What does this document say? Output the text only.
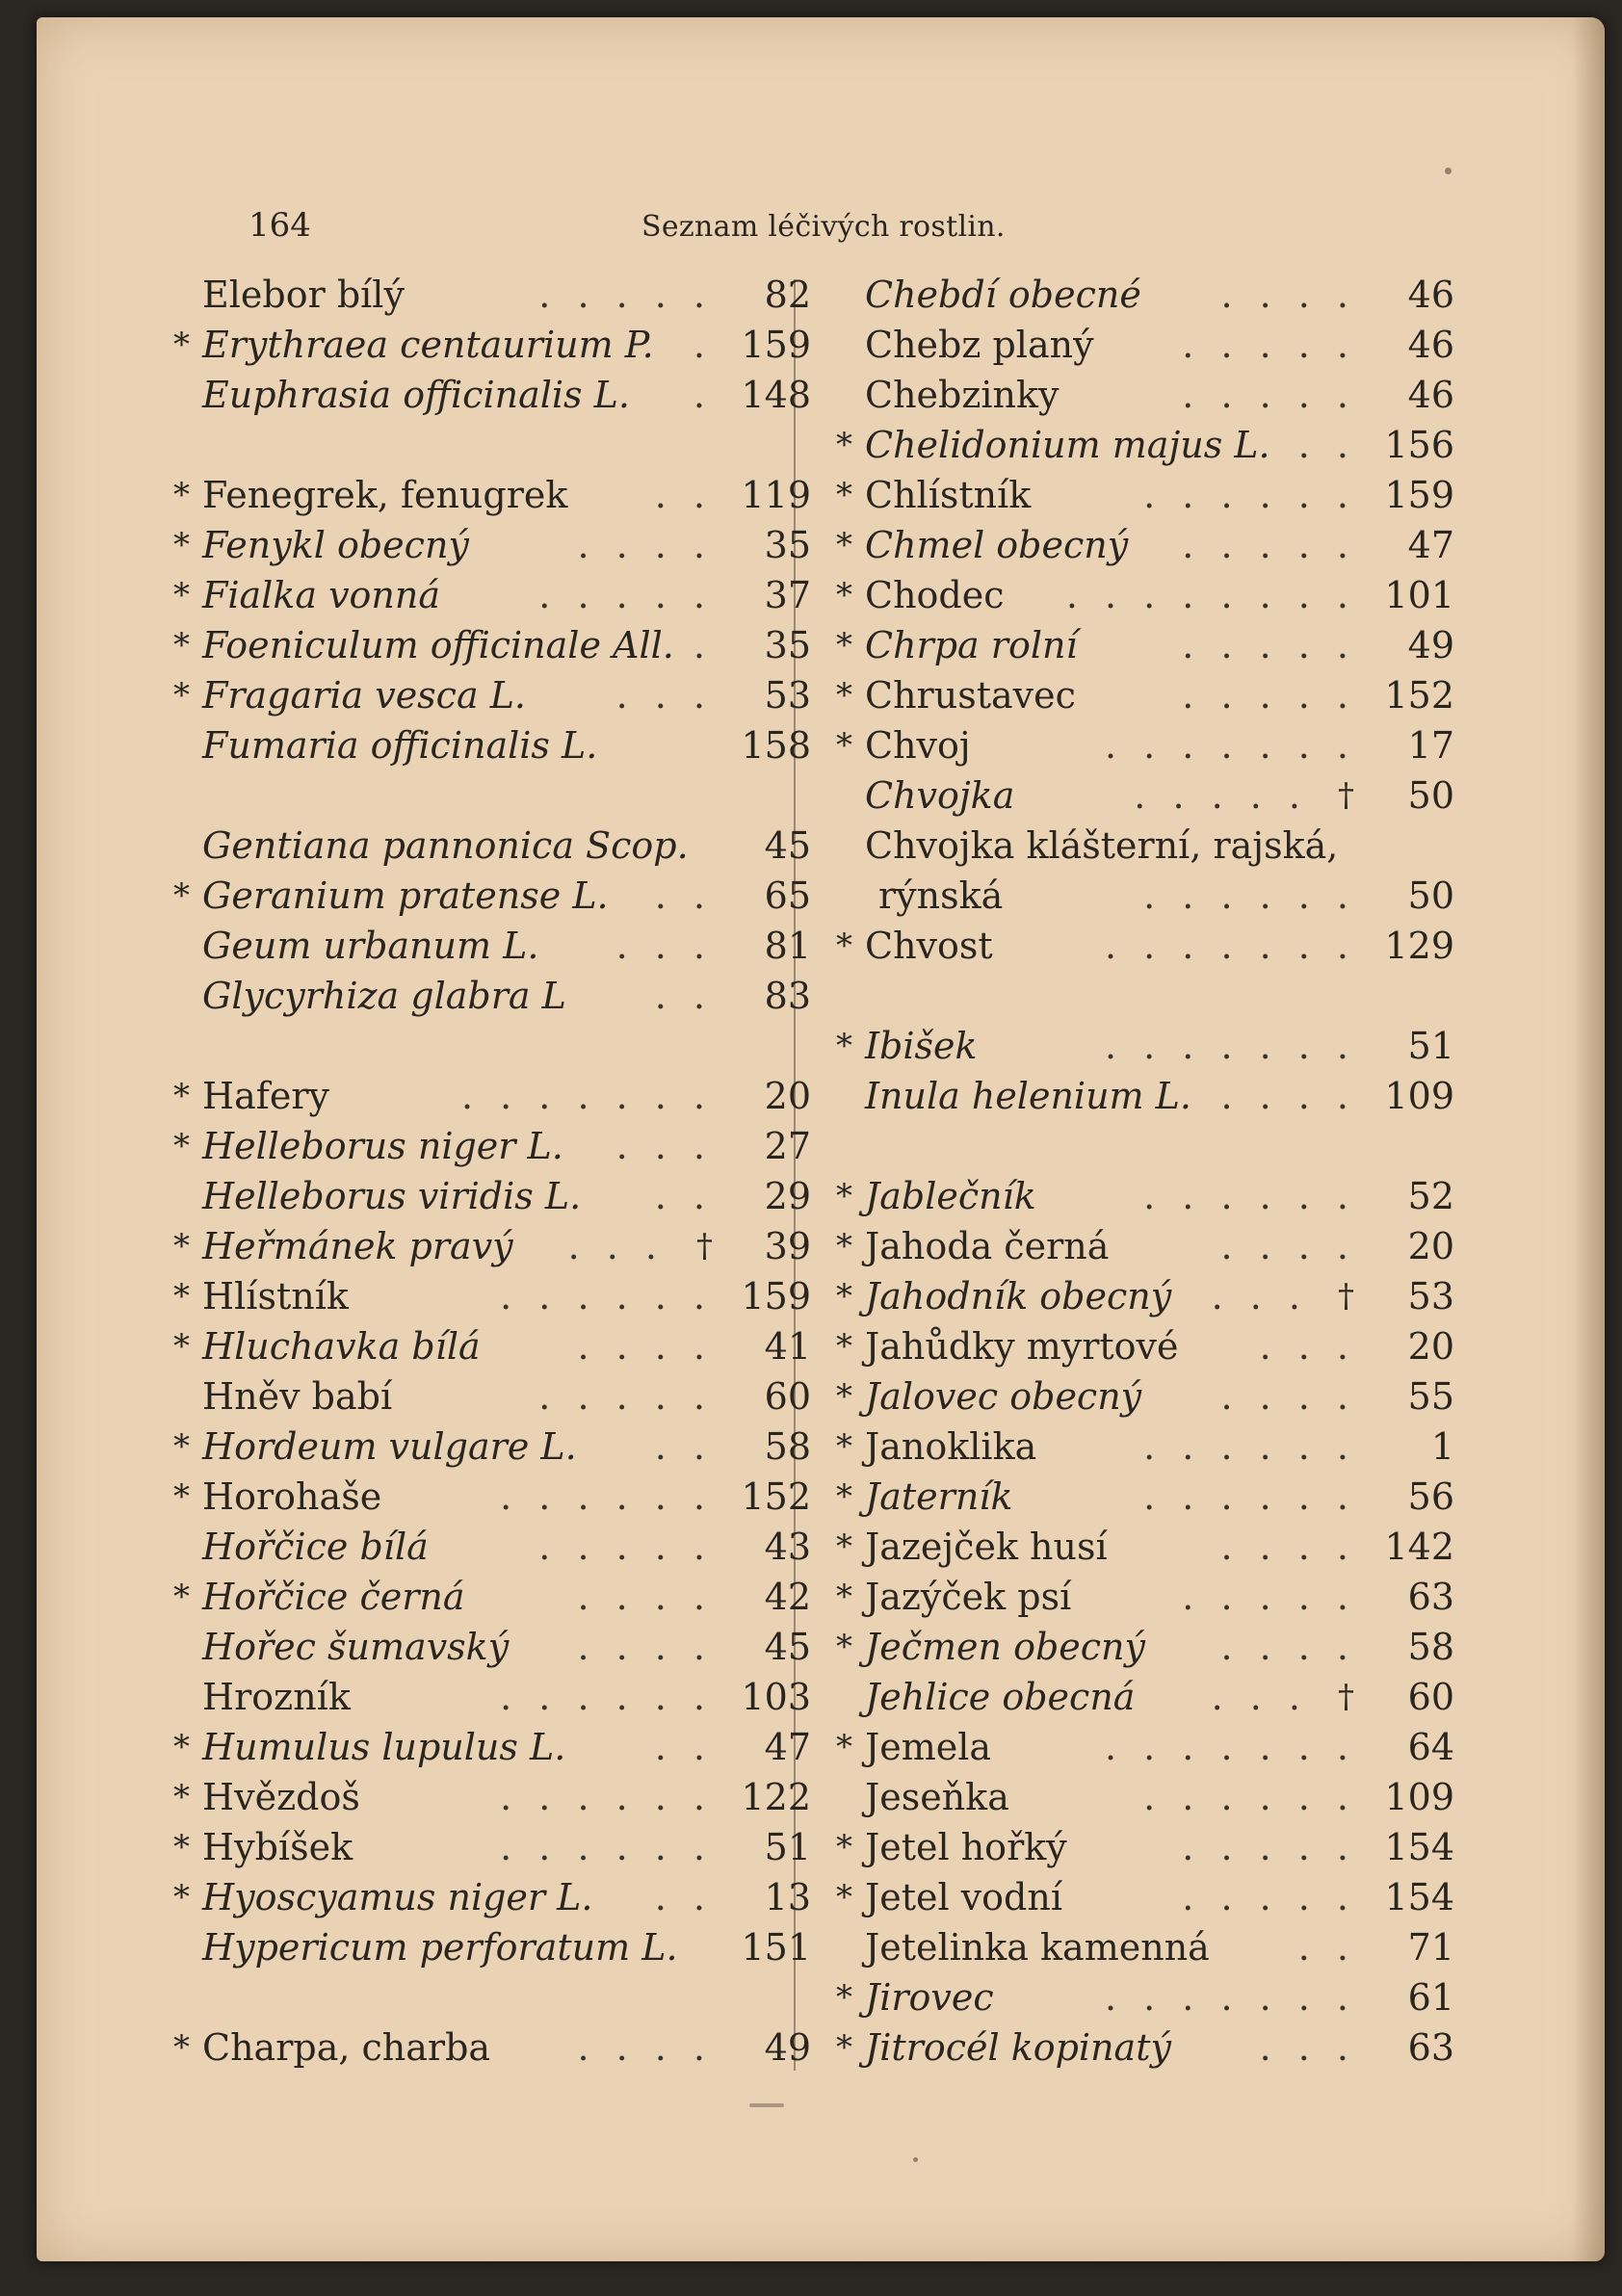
164	Seznam léčivých rostlin.
Elebor bílý	. . . . . 82
* Erythraea centaurium P. . 159
Euphrasia officinalis L. . 148
* Fenegrek, fenugrek . . 119
* Fenykl obecný	. . . . 35
* Fialka vonná	. . . . . 37
* Foeniculum officinale All. . 35
* Fragaria vesca L. . . . 53
Fumaria officinalis L.	158
Gentiana pannonica Scop. 45
* Geranium pratense L. . . 65
Geum urbanum L. . . . 81
Glycyrhiza glabra L . . 83
* Hafery	. . . . . . . 20
* Helleborus niger L. . . . 27
Helleborus viridis L. . . 29
* Heřmánek pravý . . . † 39
* Hlístník	. . . . . . 159
* Hluchavka bílá	. . . . 41
Hněv babí	. . . . . 60
* Hordeum vulgare L. . . 58
* Horohaše	. . . . . . 152
Hořčice bílá	. . . . . 43
* Hořčice černá	. . . . 42
Hořec šumavský . . . . 45
Hrozník	. . . . . . 103
* Humulus lupulus L. . . 47
* Hvězdoš	. . . . . . 122
* Hybíšek	. . . . . . 51
* Hyoscyamus niger L. . . 13
Hypericum perforatum L. 151
* Charpa, charba . . . . 49
Chebdí obecné . . . . 46
Chebz planý . . . . . 46
Chebzinky	. . . . . 46
* Chelidonium majus L. . . 156
* Chlístník	. . . . . . 159
* Chmel obecný . . . . . 47
* Chodec . . . . . . . . 101
* Chrpa rolní	. . . . . 49
* Chrustavec	. . . . . 152
* Chvoj	. . . . . . . 17
Chvojka	. . . . . † 50
Chvojka klášterní, rajská,
rýnská	. . . . . . 50
* Chvost	. . . . . . . 129
* Ibišek	. . . . . . . 51
Inula helenium L. . . . . 109
* Jablečník	. . . . . . 52
* Jahoda černá	. . . . 20
* Jahodník obecný . . . † 53
* Jahůdky myrtové . . . 20
* Jalovec obecný . . . . 55
* Janoklika	. . . . . . 1
* Jaterník	. . . . . . 56
* Jazejček husí	. . . . 142
* Jazýček psí	. . . . . 63
* Ječmen obecný . . . . 58
Jehlice obecná . . . † 60
* Jemela	. . . . . . . 64
Jeseňka	. . . . . . 109
* Jetel hořký	. . . . . 154
* Jetel vodní	. . . . . 154
Jetelinka kamenná . . 71
* Jirovec	. . . . . . . 61
* Jitrocél kopinatý . . . 63
